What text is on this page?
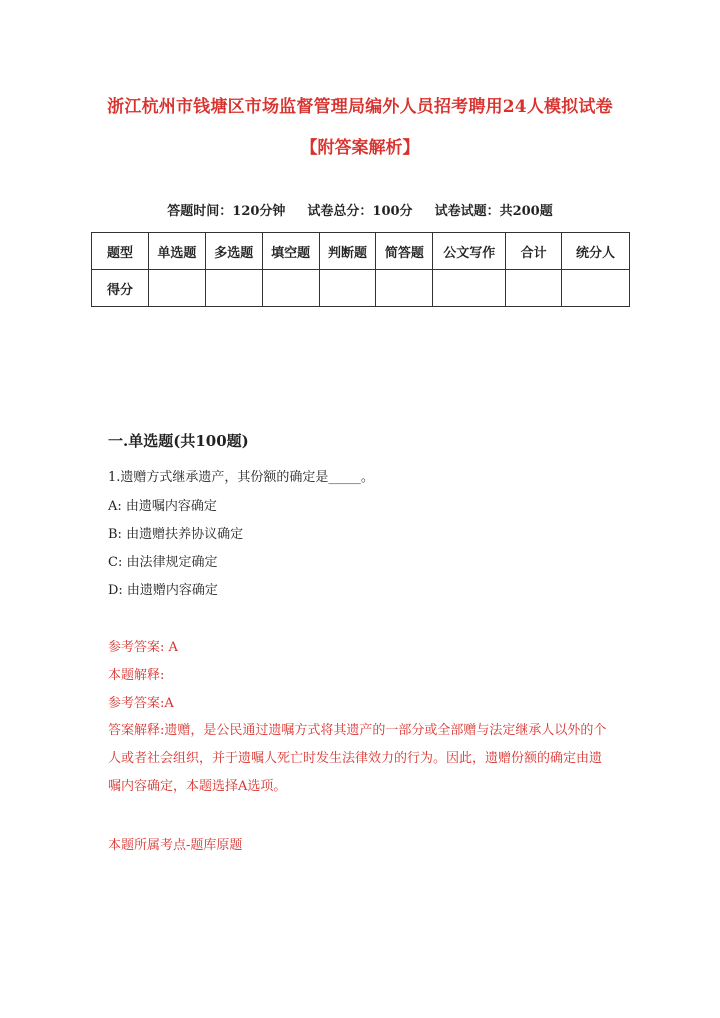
浙江杭州市钱塘区市场监督管理局编外人员招考聘用24人模拟试卷
【附答案解析】
答题时间：120分钟 试卷总分：100分 试卷试题：共200题
题型	单选题	多选题	填空题	判断题	简答题	公文写作	合计	统分人
得分								
一.单选题(共100题)
1.遗赠方式继承遗产，其份额的确定是_____。
A: 由遗嘱内容确定
B: 由遗赠扶养协议确定
C: 由法律规定确定
D: 由遗赠内容确定
参考答案: A
本题解释:
参考答案:A
答案解释:遗赠，是公民通过遗嘱方式将其遗产的一部分或全部赠与法定继承人以外的个人或者社会组织，并于遗嘱人死亡时发生法律效力的行为。因此，遗赠份额的确定由遗嘱内容确定，本题选择A选项。
本题所属考点-题库原题
